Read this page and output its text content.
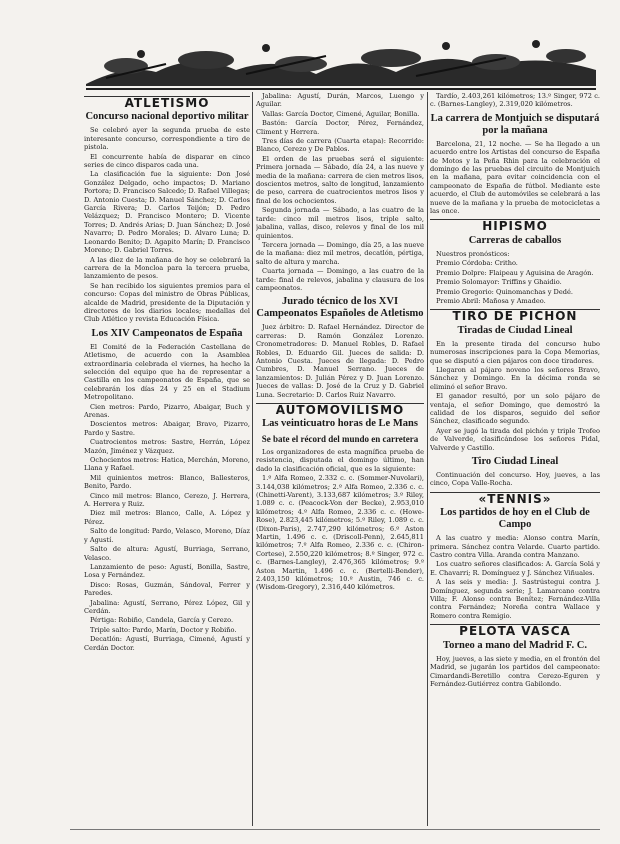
ATLETISMO
Concurso nacional deportivo militar

Se celebró ayer la segunda prueba de este interesante concurso, correspondiente a tiro de pistola.

El concurrente había de disparar en cinco series de cinco disparos cada una.

La clasificación fue la siguiente: Don José González Delgado, ocho impactos; D. Mariano Portora; D. Francisco Salcedo; D. Rafael Villegas; D. Antonio Cuesta; D. Manuel Sánchez; D. Carlos García Rivera; D. Carlos Teijón; D. Pedro Velázquez; D. Francisco Montero; D. Vicente Torres; D. Andrés Arias; D. Juan Sánchez; D. José Navarro; D. Pedro Morales; D. Alvaro Luna; D. Leonardo Benito; D. Agapito Marín; D. Francisco Moreno; D. Gabriel Torres.

A las diez de la mañana de hoy se celebrará la carrera de la Moncloa para la tercera prueba, lanzamiento de pesos.

Se han recibido los siguientes premios para el concurso: Copas del ministro de Obras Públicas, alcalde de Madrid, presidente de la Diputación y directores de los diarios locales; medallas del Club Atlético y revista Educación Física.

Los XIV Campeonatos de España

El Comité de la Federación Castellana de Atletismo, de acuerdo con la Asamblea extraordinaria celebrada el viernes, ha hecho la selección del equipo que ha de representar a Castilla en los campeonatos de España, que se celebrarán los días 24 y 25 en el Stadium Metropolitano.

Cien metros: Pardo, Pizarro, Abaigar, Buch y Arenas.

Doscientos metros: Abaigar, Bravo, Pizarro, Pardo y Sastre.

Cuatrocientos metros: Sastre, Herrán, López Mazón, Jiménez y Vázquez.

Ochocientos metros: Hatica, Merchán, Moreno, Llana y Rafael.

Mil quinientos metros: Blanco, Ballesteros, Benito, Pardo.

Cinco mil metros: Blanco, Cerezo, J. Herrera, A. Herrera y Ruiz.

Diez mil metros: Blanco, Calle, A. López y Pérez.

Salto de longitud: Pardo, Velasco, Moreno, Díaz y Agustí.

Salto de altura: Agustí, Burriaga, Serrano, Velasco.

Lanzamiento de peso: Agustí, Bonilla, Sastre, Losa y Fernández.

Disco: Rosas, Guzmán, Sándoval, Ferrer y Paredes.

Jabalina: Agustí, Serrano, Pérez López, Gil y Cerdán.

Pértiga: Robiño, Candela, García y Cerezo.

Triple salto: Pardo, Marín, Doctor y Robiño.

Decatlón: Agustí, Burriaga, Cimené, Agustí y Cerdán Doctor.

Jabalina: Agustí, Durán, Marcos, Luengo y Aguilar.

Vallas: García Doctor, Cimené, Aguilar, Bonilla.

Bastón: García Doctor, Pérez, Fernández, Climent y Herrera.

Tres días de carrera (Cuarta etapa): Recorrido: Blanco, Cerezo y De Pablos.

El orden de las pruebas será el siguiente: Primera jornada — Sábado, día 24, a las nueve y media de la mañana: carrera de cien metros lisos, doscientos metros, salto de longitud, lanzamiento de peso, carrera de cuatrocientos metros lisos y final de los ochocientos.

Segunda jornada — Sábado, a las cuatro de la tarde: cinco mil metros lisos, triple salto, jabalina, vallas, disco, relevos y final de los mil quinientos.

Tercera jornada — Domingo, día 25, a las nueve de la mañana: diez mil metros, decatlón, pértiga, salto de altura y marcha.

Cuarta jornada — Domingo, a las cuatro de la tarde: final de relevos, jabalina y clausura de los campeonatos.

Jurado técnico de los XVI Campeonatos Españoles de Atletismo

Juez árbitro: D. Rafael Hernández. Director de carreras: D. Ramón González Lorenzo. Cronometradores: D. Manuel Robles, D. Rafael Robles, D. Eduardo Gil. Jueces de salida: D. Antonio Cuesta. Jueces de llegada: D. Pedro Cumbres, D. Manuel Serrano. Jueces de lanzamientos: D. Julián Pérez y D. Juan Lorenzo. Jueces de vallas: D. José de la Cruz y D. Gabriel Luna. Secretario: D. Carlos Ruiz Navarro.

AUTOMOVILISMO
Las veinticuatro horas de Le Mans
Se bate el récord del mundo en carretera

Los organizadores de esta magnífica prueba de resistencia, disputada el domingo último, han dado la clasificación oficial, que es la siguiente:

1.º Alfa Romeo, 2.332 c. c. (Sommer-Nuvolari), 3.144,038 kilómetros; 2.º Alfa Romeo, 2.336 c. c. (Chinetti-Varent), 3.133,687 kilómetros; 3.º Riley, 1.089 c. c. (Peacock-Von der Becke), 2.953,010 kilómetros; 4.º Alfa Romeo, 2.336 c. c. (Howe-Rose), 2.823,445 kilómetros; 5.º Riley, 1.089 c. c. (Dixon-Paris), 2.747,290 kilómetros; 6.º Aston Martin, 1.496 c. c. (Driscoll-Penn), 2.645,811 kilómetros; 7.º Alfa Romeo, 2.336 c. c. (Chiron-Cortese), 2.550,220 kilómetros; 8.º Singer, 972 c. c. (Barnes-Langley), 2.476,365 kilómetros; 9.º Aston Martin, 1.496 c. c. (Bertelli-Bender), 2.403,150 kilómetros; 10.º Austin, 746 c. c. (Wisdom-Gregory), 2.316,440 kilómetros.

Tardío, 2.403,261 kilómetros; 13.º Singer, 972 c. c. (Barnes-Langley), 2.319,020 kilómetros.

La carrera de Montjuich se disputará por la mañana

Barcelona, 21, 12 noche. — Se ha llegado a un acuerdo entre los Artistas del concurso de España de Motos y la Peña Rhin para la celebración el domingo de las pruebas del circuito de Montjuich en la mañana, para evitar coincidencia con el campeonato de España de fútbol. Mediante este acuerdo, el Club de automóviles se celebrará a las nueve de la mañana y la prueba de motocicletas a las once.

HIPISMO
Carreras de caballos

Nuestros pronósticos:

Premio Córdoba: Critho.

Premio Dolpre: Flaipeau y Aguisina de Aragón.

Premio Solomayor: Triffins y Ghaidio.

Premio Gregorio: Quinomanchas y Dedé.

Premio Abril: Mañosa y Amadeo.

TIRO DE PICHON
Tiradas de Ciudad Lineal

En la presente tirada del concurso hubo numerosas inscripciones para la Copa Memorias, que se disputó a cien pájaros con doce tiradores.

Llegaron al pájaro noveno los señores Bravo, Sánchez y Domingo. En la décima ronda se eliminó el señor Bravo.

El ganador resultó, por un solo pájaro de ventaja, el señor Domingo, que demostró la calidad de los disparos, seguido del señor Sánchez, clasificado segundo.

Ayer se jugó la tirada del pichón y triple Trofeo de Valverde, clasificándose los señores Pidal, Valverde y Castillo.

Tiro Ciudad Lineal

Continuación del concurso. Hoy, jueves, a las cinco, Copa Valle-Rocha.

«TENNIS»
Los partidos de hoy en el Club de Campo

A las cuatro y media: Alonso contra Marín, primera. Sánchez contra Velarde. Cuarto partido. Castro contra Villa. Aranda contra Manzano.

Los cuatro señores clasificados: A. García Solá y E. Chavarri; R. Domínguez y J. Sánchez Viñuales.

A las seis y media: J. Sastrústegui contra J. Domínguez, segunda serie; J. Lamarcano contra Villa; F. Alonso contra Benítez; Fernández-Villa contra Fernández; Noreña contra Wallace y Romero contra Remigio.

PELOTA VASCA
Torneo a mano del Madrid F. C.

Hoy, jueves, a las siete y media, en el frontón del Madrid, se jugarán los partidos del campeonato: Cimardandi-Beretillo contra Cerezo-Eguren y Fernández-Gutiérrez contra Gabilondo.
